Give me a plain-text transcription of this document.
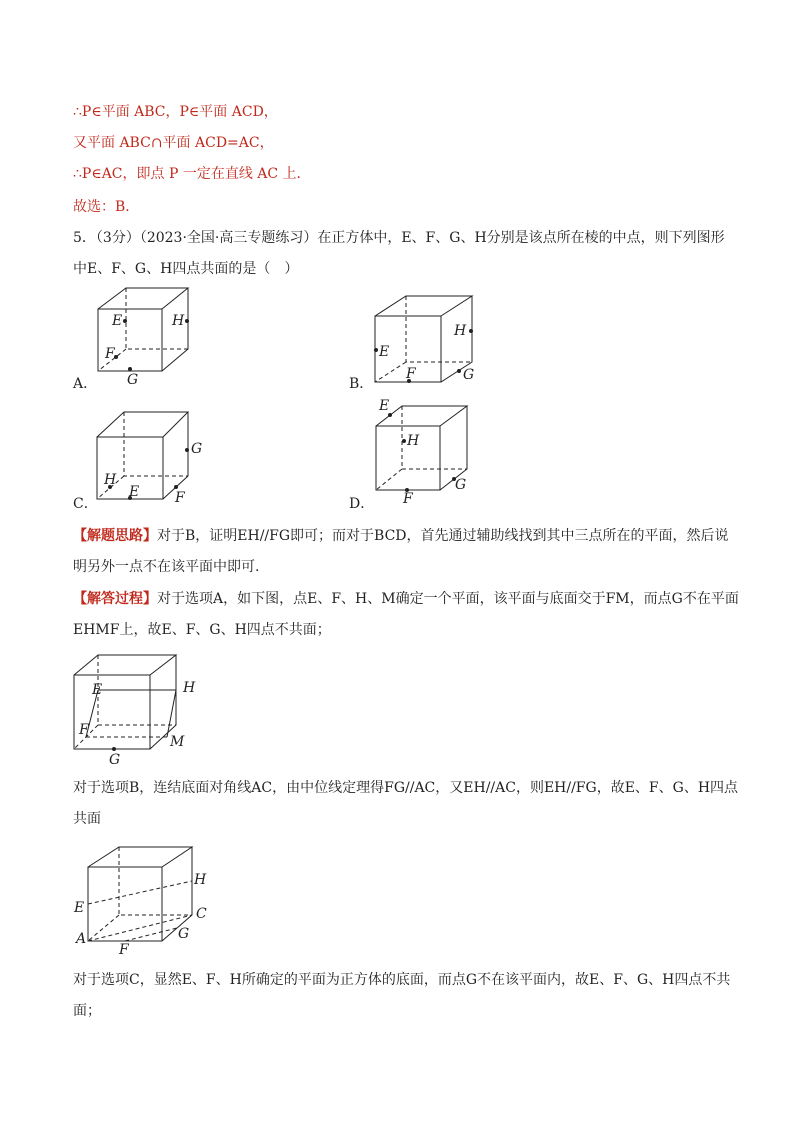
∴P∈平面 ABC，P∈平面 ACD，
又平面 ABC∩平面 ACD=AC，
∴P∈AC，即点 P 一定在直线 AC 上．
故选：B．
5．（3分）（2023·全国·高三专题练习）在正方体中，E、F、G、H分别是该点所在棱的中点，则下列图形
中E、F、G、H四点共面的是（　）
E	H
F
G
A．
E
H
F	G
B．
H
E	F
G
C．
E
H
F
G
D．
【解题思路】对于B，证明EH//FG即可；而对于BCD，首先通过辅助线找到其中三点所在的平面，然后说
明另外一点不在该平面中即可.
【解答过程】对于选项A，如下图，点E、F、H、M确定一个平面，该平面与底面交于FM，而点G不在平面
EHMF上，故E、F、G、H四点不共面；
E	H
F
M
G
对于选项B，连结底面对角线AC，由中位线定理得FG//AC，又EH//AC，则EH//FG，故E、F、G、H四点
共面
H
E	C
A	G
F
对于选项C，显然E、F、H所确定的平面为正方体的底面，而点G不在该平面内，故E、F、G、H四点不共
面；
